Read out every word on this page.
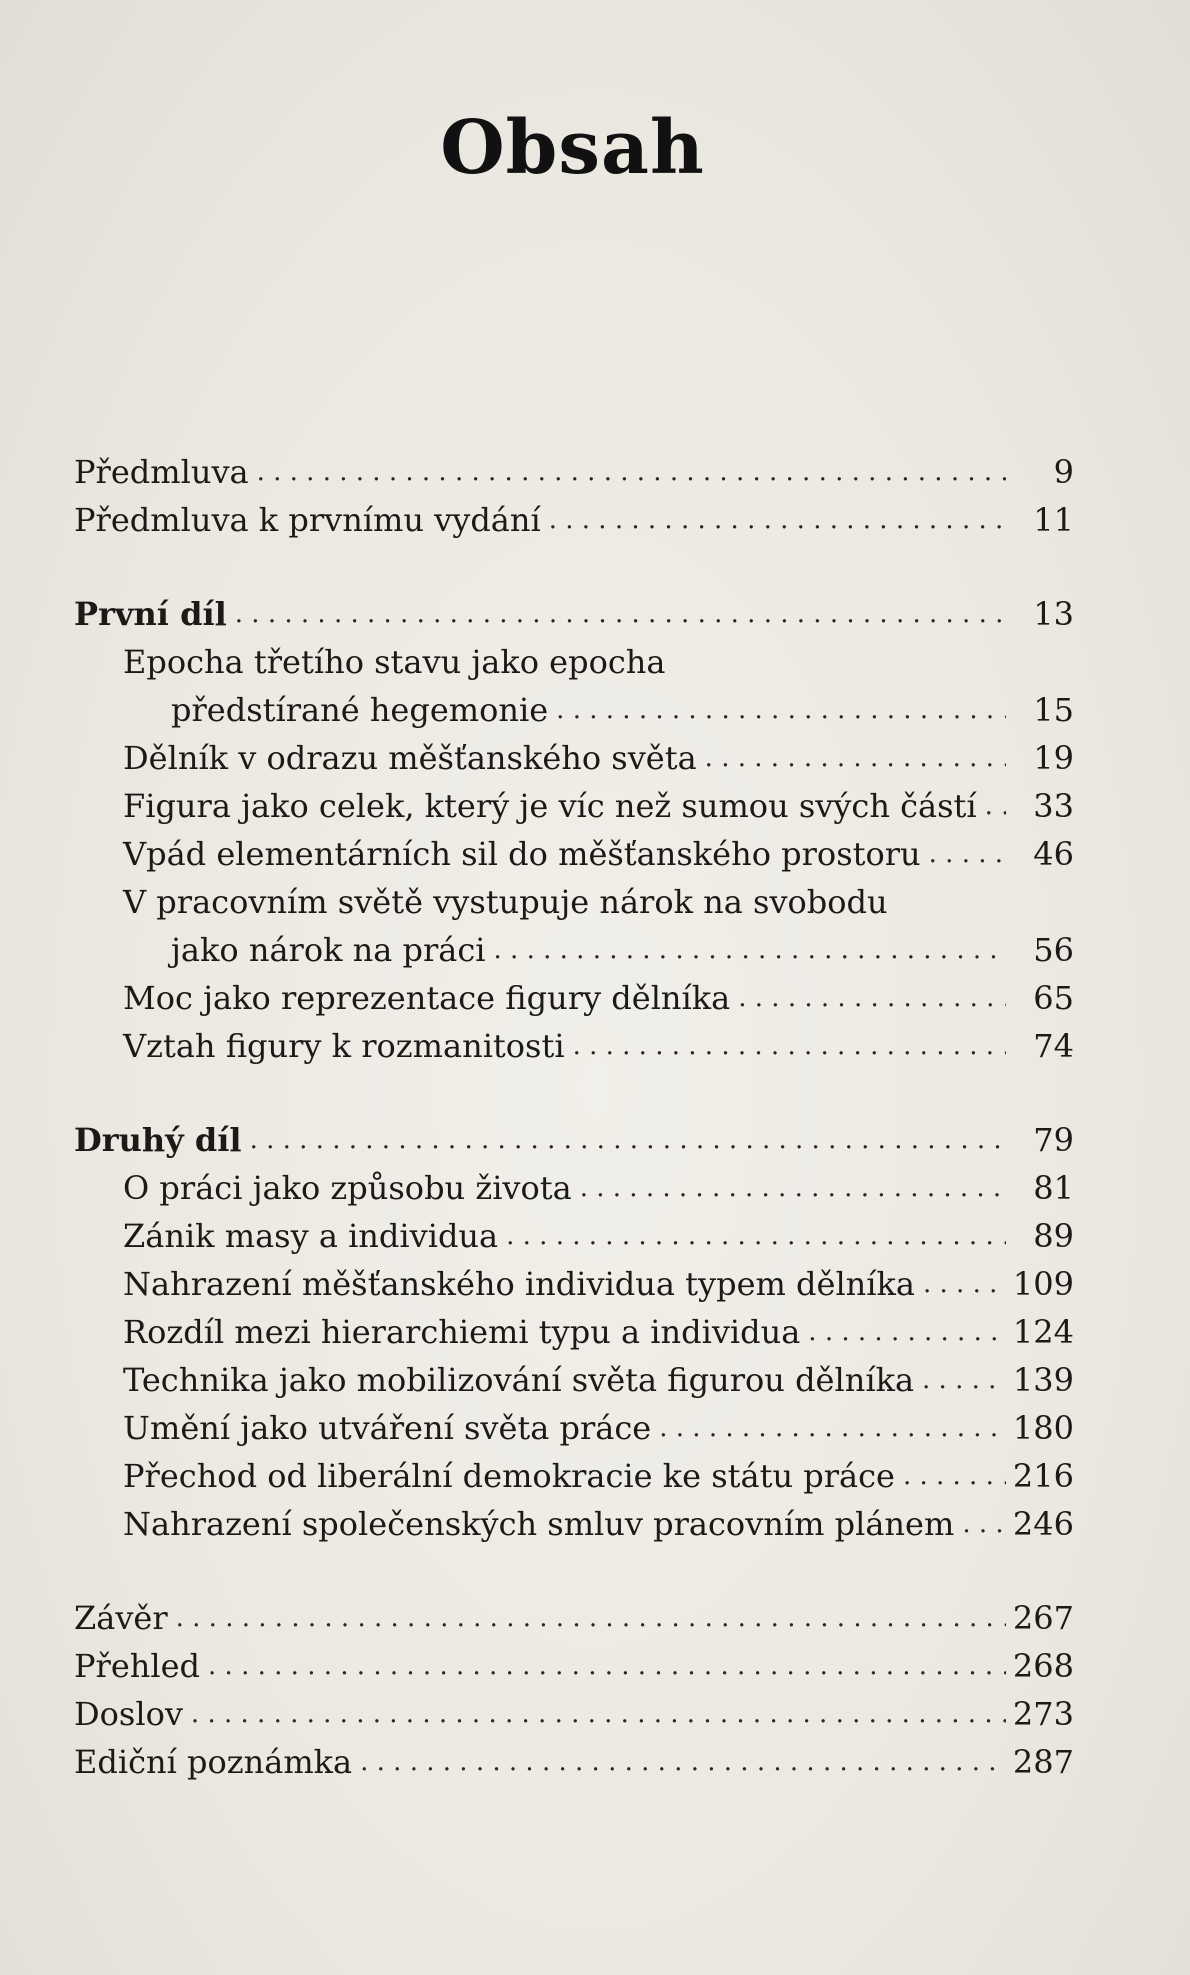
Obsah
Předmluva . . .	9
Předmluva k prvnímu vydání . . .	11
První díl . . .	13
Epocha třetího stavu jako epocha
předstírané hegemonie . . .	15
Dělník v odrazu měšťanského světa . . .	19
Figura jako celek, který je víc než sumou svých částí . . .	33
Vpád elementárních sil do měšťanského prostoru . . .	46
V pracovním světě vystupuje nárok na svobodu
jako nárok na práci . . .	56
Moc jako reprezentace figury dělníka . . .	65
Vztah figury k rozmanitosti . . .	74
Druhý díl . . .	79
O práci jako způsobu života . . .	81
Zánik masy a individua . . .	89
Nahrazení měšťanského individua typem dělníka . . .	109
Rozdíl mezi hierarchiemi typu a individua . . .	124
Technika jako mobilizování světa figurou dělníka . . .	139
Umění jako utváření světa práce . . .	180
Přechod od liberální demokracie ke státu práce . . .	216
Nahrazení společenských smluv pracovním plánem . . . 246
Závěr . . .	267
Přehled . . .	268
Doslov . . .	273
Ediční poznámka . . .	287
